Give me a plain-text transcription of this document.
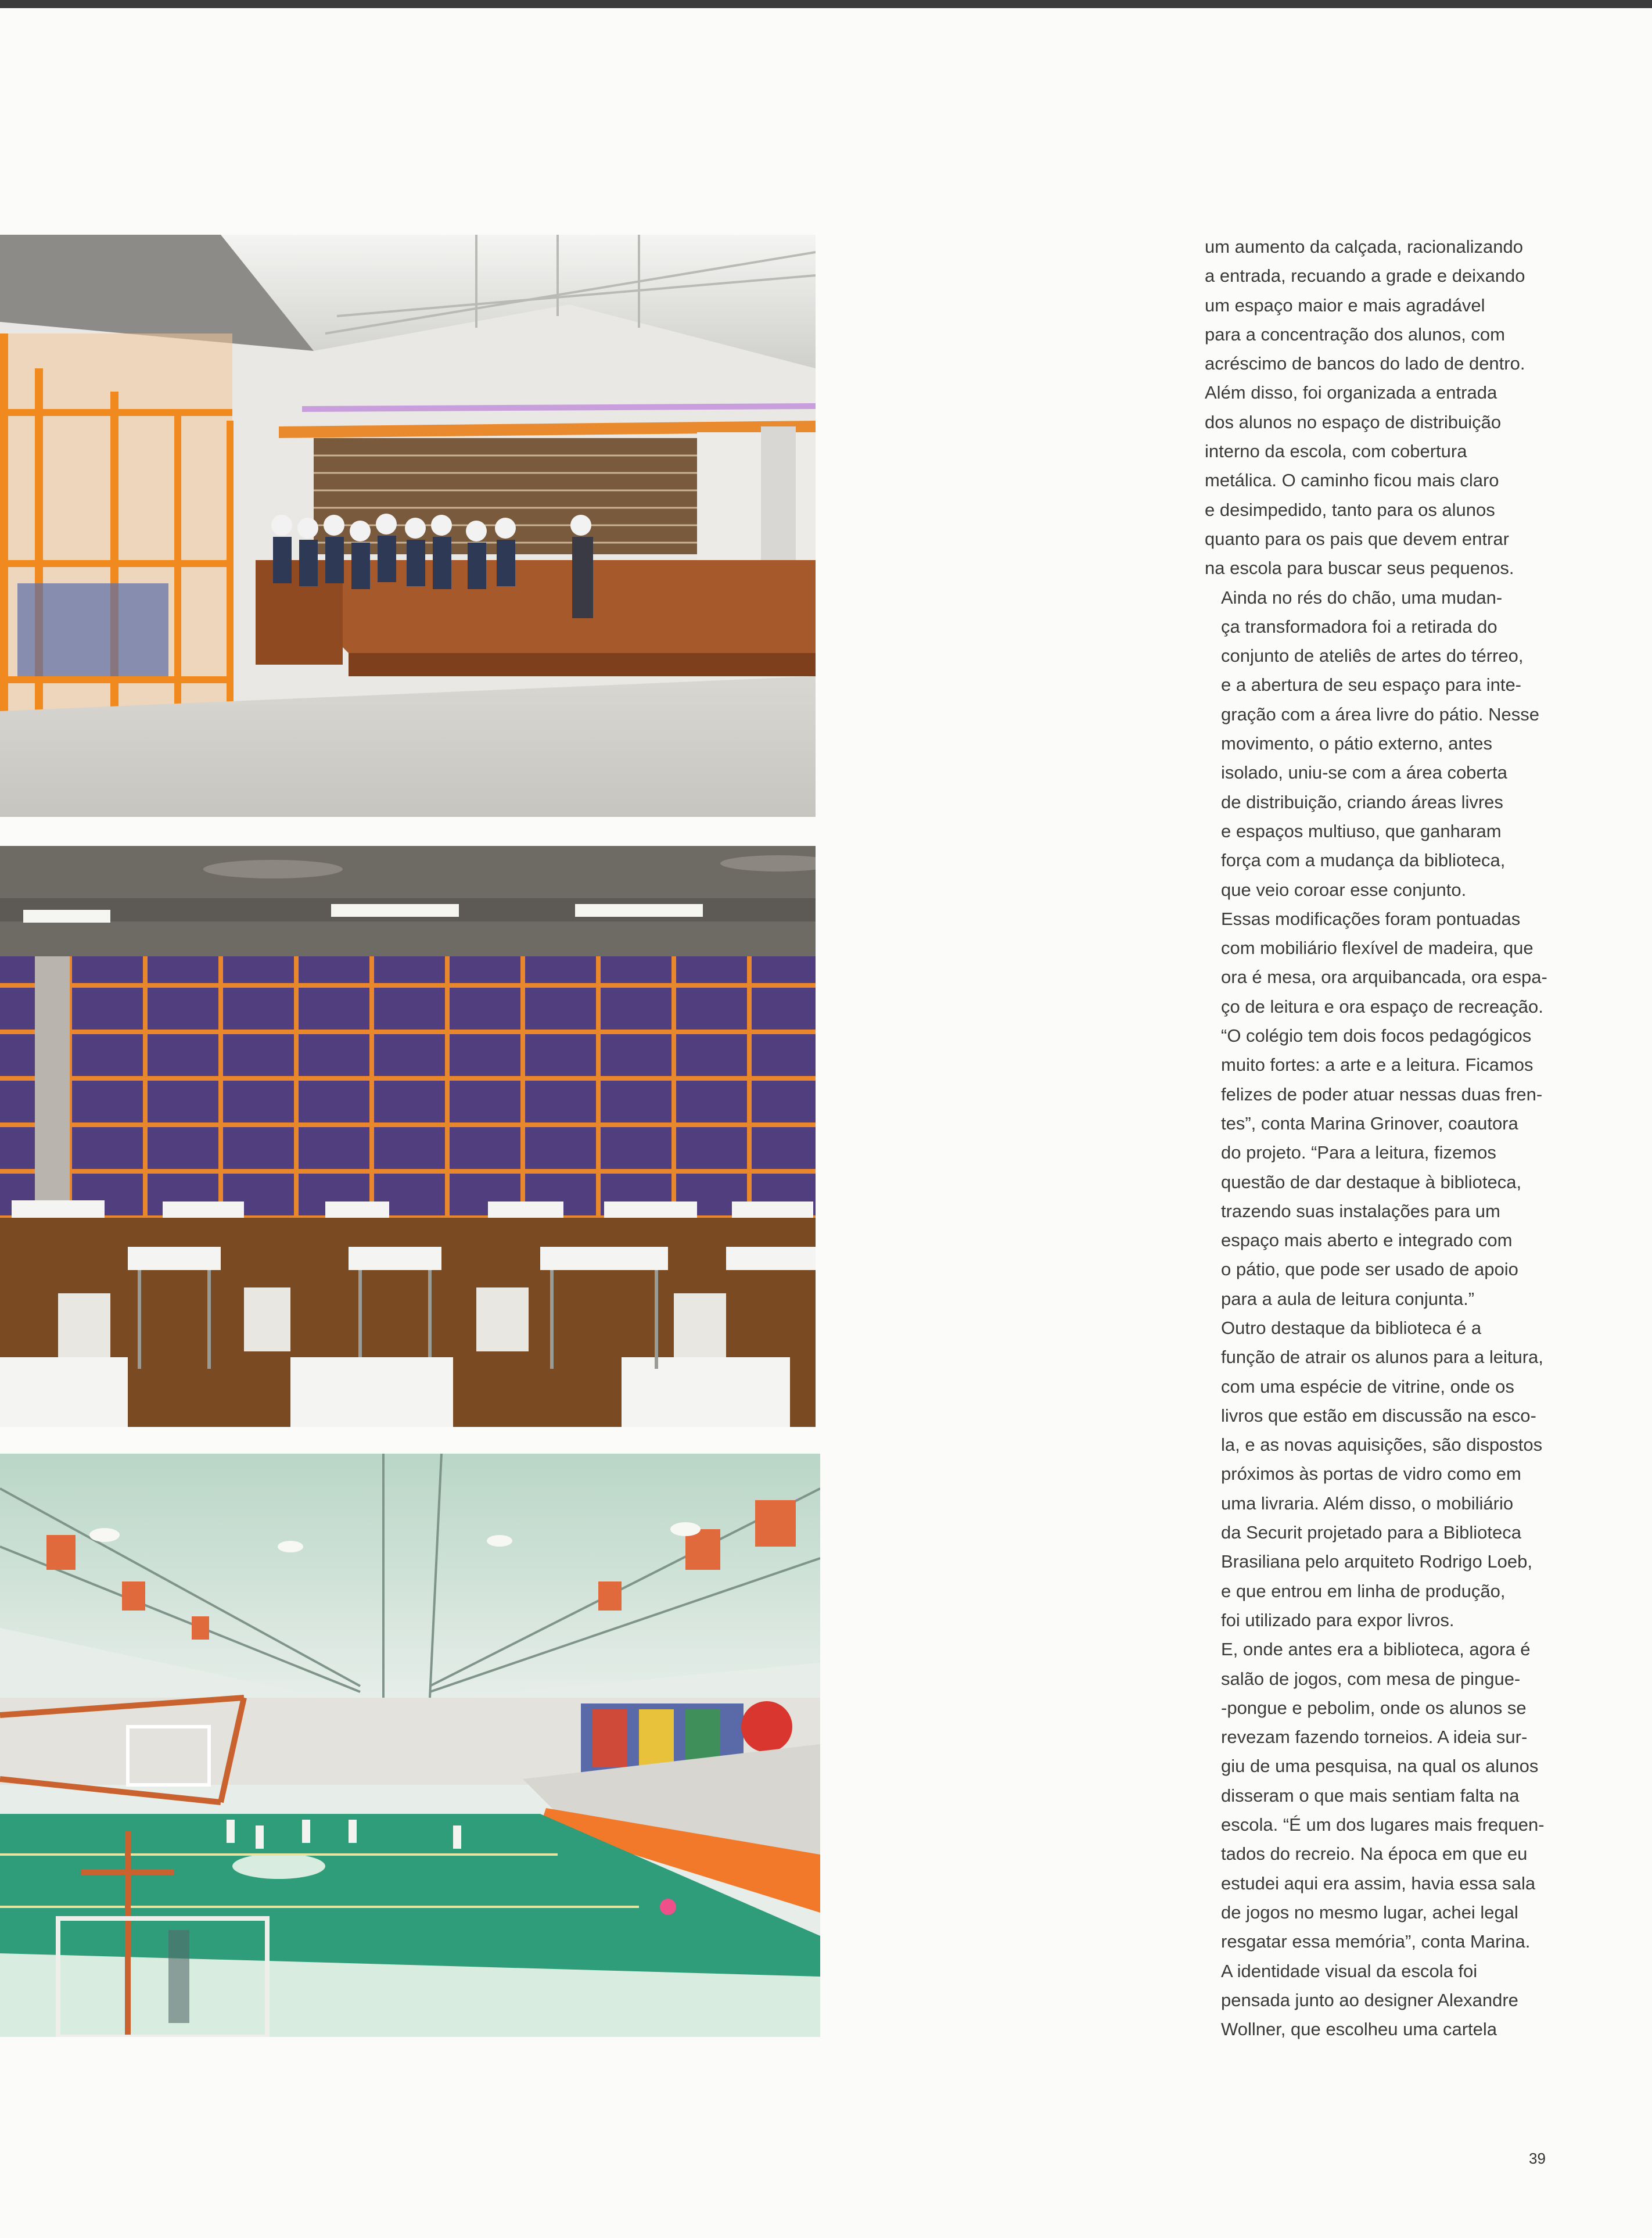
um aumento da calçada, racionalizando
a entrada, recuando a grade e deixando
um espaço maior e mais agradável
para a concentração dos alunos, com
acréscimo de bancos do lado de dentro.
Além disso, foi organizada a entrada
dos alunos no espaço de distribuição
interno da escola, com cobertura
metálica. O caminho ficou mais claro
e desimpedido, tanto para os alunos
quanto para os pais que devem entrar
na escola para buscar seus pequenos.

Ainda no rés do chão, uma mudan-
ça transformadora foi a retirada do
conjunto de ateliês de artes do térreo,
e a abertura de seu espaço para inte-
gração com a área livre do pátio. Nesse
movimento, o pátio externo, antes
isolado, uniu-se com a área coberta
de distribuição, criando áreas livres
e espaços multiuso, que ganharam
força com a mudança da biblioteca,
que veio coroar esse conjunto.

Essas modificações foram pontuadas
com mobiliário flexível de madeira, que
ora é mesa, ora arquibancada, ora espa-
ço de leitura e ora espaço de recreação.
“O colégio tem dois focos pedagógicos
muito fortes: a arte e a leitura. Ficamos
felizes de poder atuar nessas duas fren-
tes”, conta Marina Grinover, coautora
do projeto. “Para a leitura, fizemos
questão de dar destaque à biblioteca,
trazendo suas instalações para um
espaço mais aberto e integrado com
o pátio, que pode ser usado de apoio
para a aula de leitura conjunta.”

Outro destaque da biblioteca é a
função de atrair os alunos para a leitura,
com uma espécie de vitrine, onde os
livros que estão em discussão na esco-
la, e as novas aquisições, são dispostos
próximos às portas de vidro como em
uma livraria. Além disso, o mobiliário
da Securit projetado para a Biblioteca
Brasiliana pelo arquiteto Rodrigo Loeb,
e que entrou em linha de produção,
foi utilizado para expor livros.

E, onde antes era a biblioteca, agora é
salão de jogos, com mesa de pingue-
-pongue e pebolim, onde os alunos se
revezam fazendo torneios. A ideia sur-
giu de uma pesquisa, na qual os alunos
disseram o que mais sentiam falta na
escola. “É um dos lugares mais frequen-
tados do recreio. Na época em que eu
estudei aqui era assim, havia essa sala
de jogos no mesmo lugar, achei legal
resgatar essa memória”, conta Marina.

A identidade visual da escola foi
pensada junto ao designer Alexandre
Wollner, que escolheu uma cartela

39
